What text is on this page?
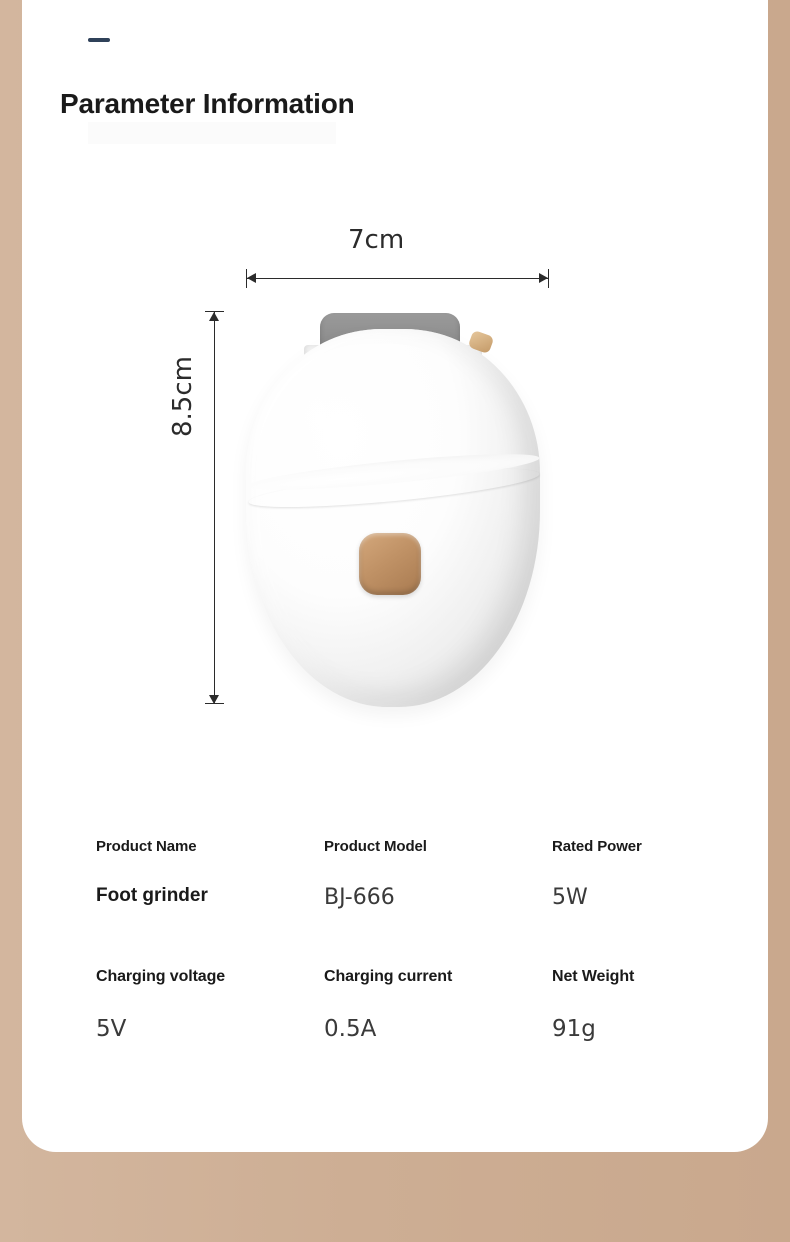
Parameter Information
7cm
8.5cm
Product Name
Foot grinder
Product Model
BJ-666
Rated Power
5W
Charging voltage
5V
Charging current
0.5A
Net Weight
91g
